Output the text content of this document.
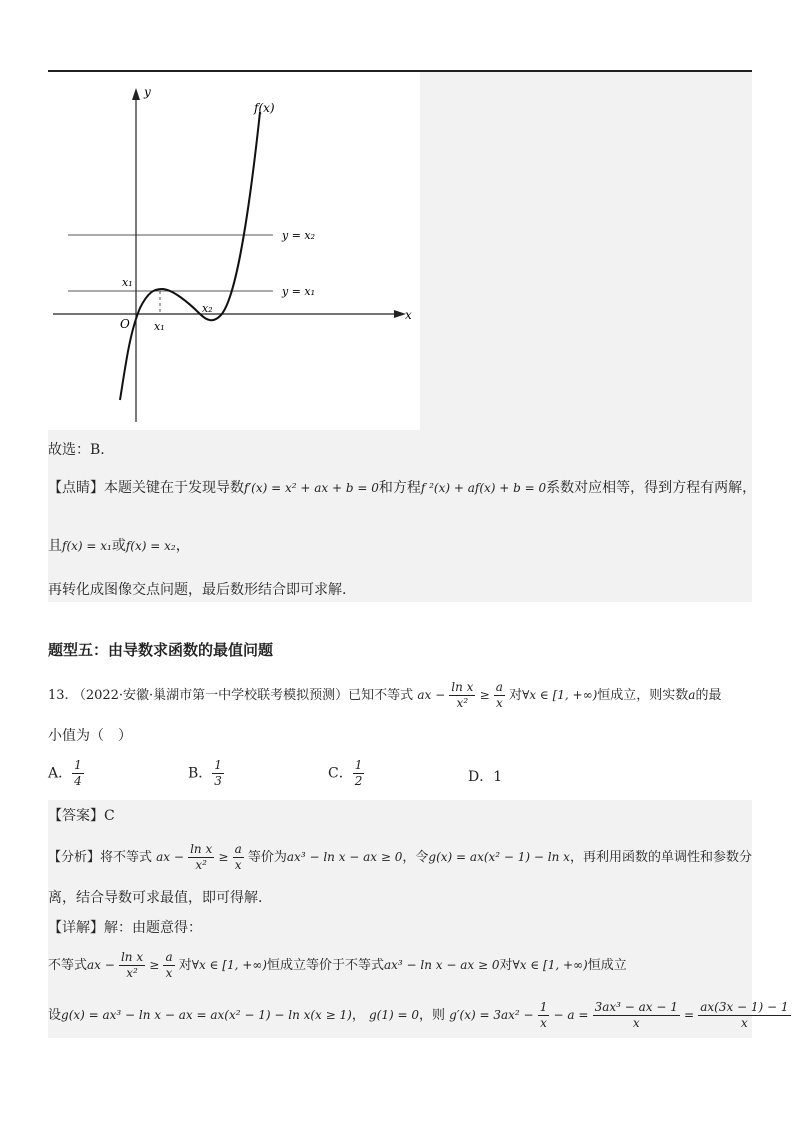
y
x
O
f(x)
y = x₂
y = x₁
x₁
x₁
x₂
故选：B.
【点睛】本题关键在于发现导数f′(x) = x² + ax + b = 0和方程f ²(x) + af(x) + b = 0系数对应相等，得到方程有两解，
且f(x) = x₁或f(x) = x₂，
再转化成图像交点问题，最后数形结合即可求解.
题型五：由导数求函数的最值问题
13. （2022·安徽·巢湖市第一中学校联考模拟预测）已知不等式 ax − $\frac{\text{ln x}}{\text{x²}} \ge \frac{a}{x}$ 对∀x ∈ [1, +∞)恒成立，则实数a的最
小值为（　）
A． $\frac{1}{4}$	B． $\frac{1}{3}$	C． $\frac{1}{2}$	D．1
【答案】C
【分析】将不等式 ax − $\frac{\text{ln x}}{\text{x²}} \ge \frac{a}{x}$ 等价为ax³ − ln x − ax ≥ 0，令g(x) = ax(x² − 1) − ln x，再利用函数的单调性和参数分
离，结合导数可求最值，即可得解.
【详解】解：由题意得：
不等式ax − $\frac{\text{ln x}}{\text{x²}} \ge \frac{a}{x}$ 对∀x ∈ [1, +∞)恒成立等价于不等式ax³ − ln x − ax ≥ 0对∀x ∈ [1, +∞)恒成立
设g(x) = ax³ − ln x − ax = ax(x² − 1) − ln x(x ≥ 1)， g(1) = 0，则 $g'(x) = 3ax^2 - \frac{1}{x} - a = \frac{\text{3ax³ − ax − 1}}{x} = \frac{ax(3x - 1) - 1}{x}$
